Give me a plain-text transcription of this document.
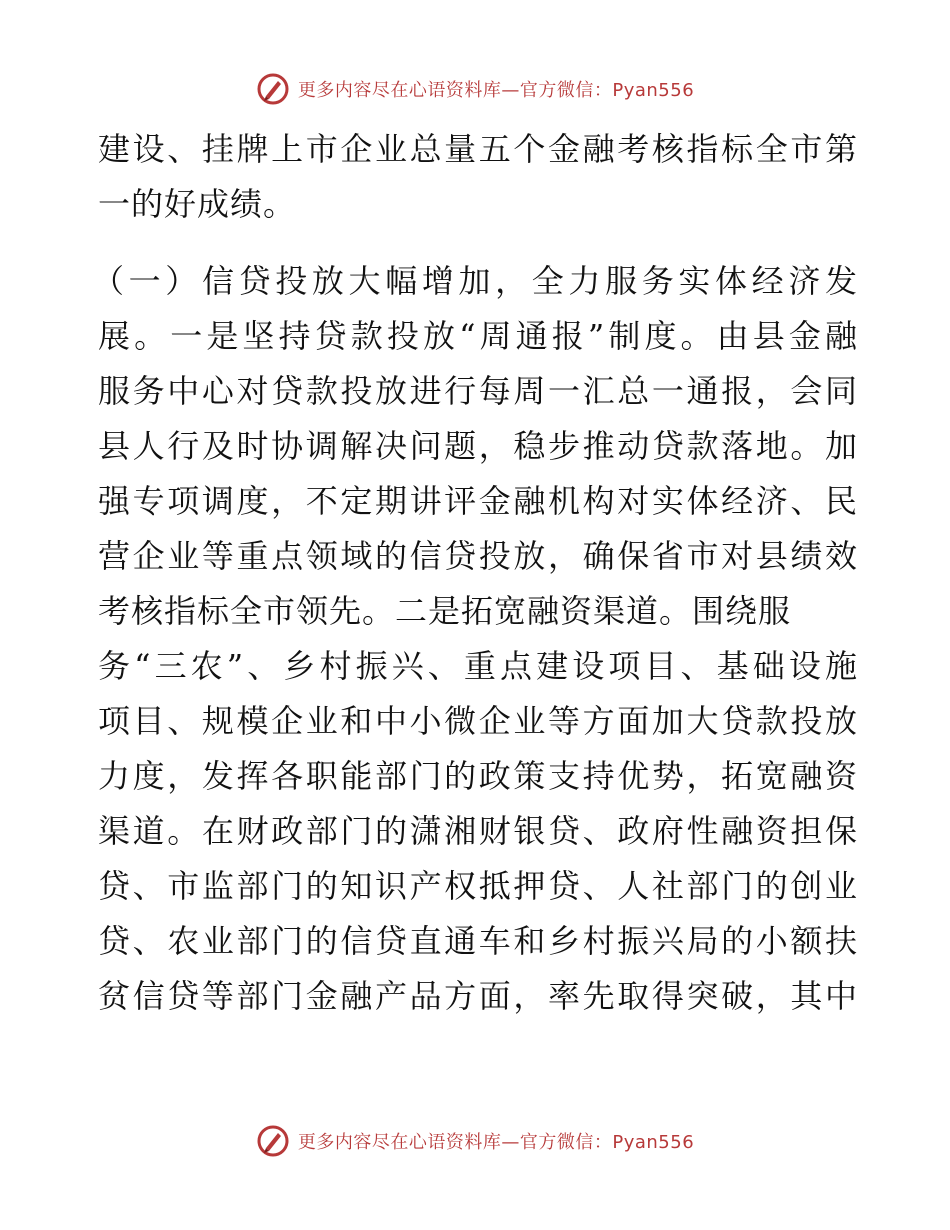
更多内容尽在心语资料库—官方微信：Pyan556
建设、挂牌上市企业总量五个金融考核指标全市第
一的好成绩。
（一）信贷投放大幅增加，全力服务实体经济发
展。一是坚持贷款投放“周通报”制度。由县金融
服务中心对贷款投放进行每周一汇总一通报，会同
县人行及时协调解决问题，稳步推动贷款落地。加
强专项调度，不定期讲评金融机构对实体经济、民
营企业等重点领域的信贷投放，确保省市对县绩效
考核指标全市领先。二是拓宽融资渠道。围绕服
务“三农”、乡村振兴、重点建设项目、基础设施
项目、规模企业和中小微企业等方面加大贷款投放
力度，发挥各职能部门的政策支持优势，拓宽融资
渠道。在财政部门的潇湘财银贷、政府性融资担保
贷、市监部门的知识产权抵押贷、人社部门的创业
贷、农业部门的信贷直通车和乡村振兴局的小额扶
贫信贷等部门金融产品方面，率先取得突破，其中
更多内容尽在心语资料库—官方微信：Pyan556
